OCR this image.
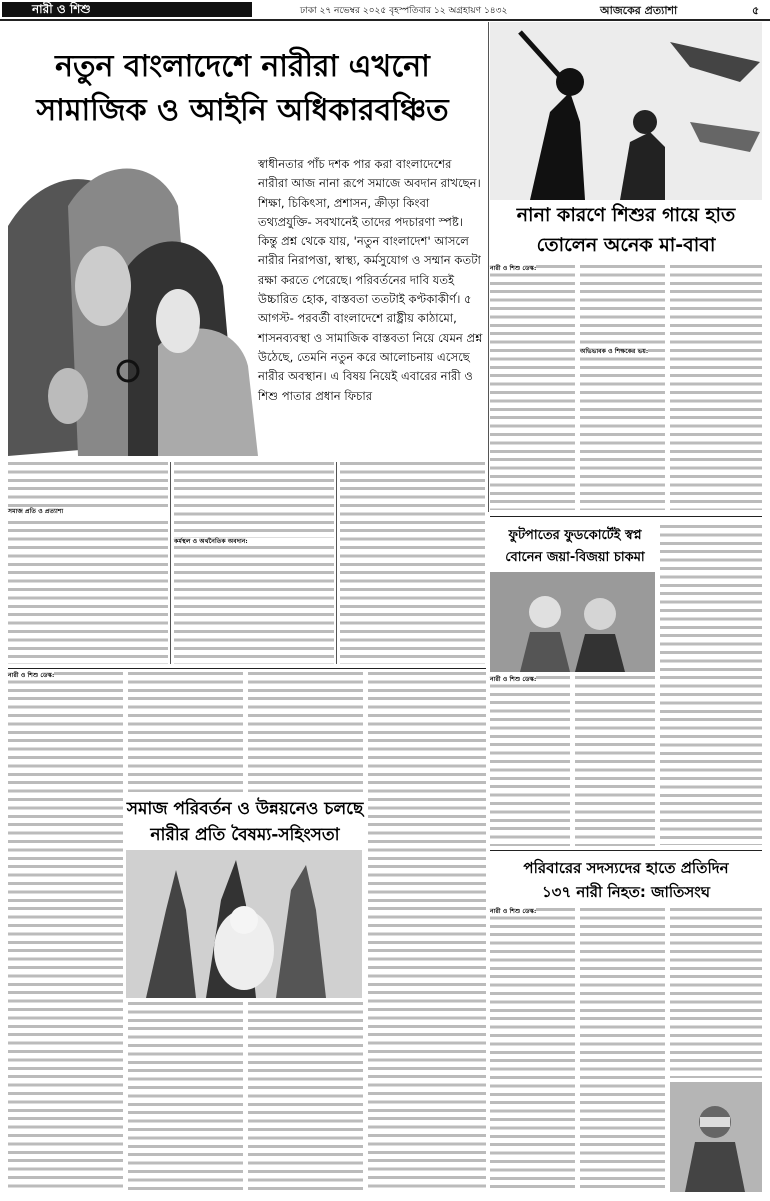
নারী ও শিশু	ঢাকা ২৭ নভেম্বর ২০২৫ বৃহস্পতিবার ১২ অগ্রহায়ণ ১৪৩২	আজকের প্রত্যাশা	৫
নতুন বাংলাদেশে নারীরা এখনো
সামাজিক ও আইনি অধিকারবঞ্চিত
স্বাধীনতার পাঁচ দশক পার করা বাংলাদেশের নারীরা আজ নানা রূপে সমাজে অবদান রাখছেন। শিক্ষা, চিকিৎসা, প্রশাসন, ক্রীড়া কিংবা তথ্যপ্রযুক্তি- সবখানেই তাদের পদচারণা স্পষ্ট। কিন্তু প্রশ্ন থেকে যায়, 'নতুন বাংলাদেশ' আসলে নারীর নিরাপত্তা, স্বাস্থ্য, কর্মসুযোগ ও সম্মান কতটা রক্ষা করতে পেরেছে। পরিবর্তনের দাবি যতই উচ্চারিত হোক, বাস্তবতা ততটাই কণ্টকাকীর্ণ। ৫ আগস্ট- পরবর্তী বাংলাদেশে রাষ্ট্রীয় কাঠামো, শাসনব্যবস্থা ও সামাজিক বাস্তবতা নিয়ে যেমন প্রশ্ন উঠেছে, তেমনি নতুন করে আলোচনায় এসেছে নারীর অবস্থান। এ বিষয় নিয়েই এবারের নারী ও শিশু পাতার প্রধান ফিচার
সমাজ প্রতি ও প্রত্যাশা
কর্মস্থল ও অর্থনৈতিক অবদান:
নারী ও শিশু ডেস্ক:
সমাজ পরিবর্তন ও উন্নয়নেও চলছে
নারীর প্রতি বৈষম্য-সহিংসতা
নানা কারণে শিশুর গায়ে হাত
তোলেন অনেক মা-বাবা
নারী ও শিশু ডেস্ক:
অভিভাবক ও শিক্ষকের ভয়:
ফুটপাতের ফুডকোর্টেই স্বপ্ন
বোনেন জয়া-বিজয়া চাকমা
নারী ও শিশু ডেস্ক:
পরিবারের সদস্যদের হাতে প্রতিদিন
১৩৭ নারী নিহত: জাতিসংঘ
নারী ও শিশু ডেস্ক:
